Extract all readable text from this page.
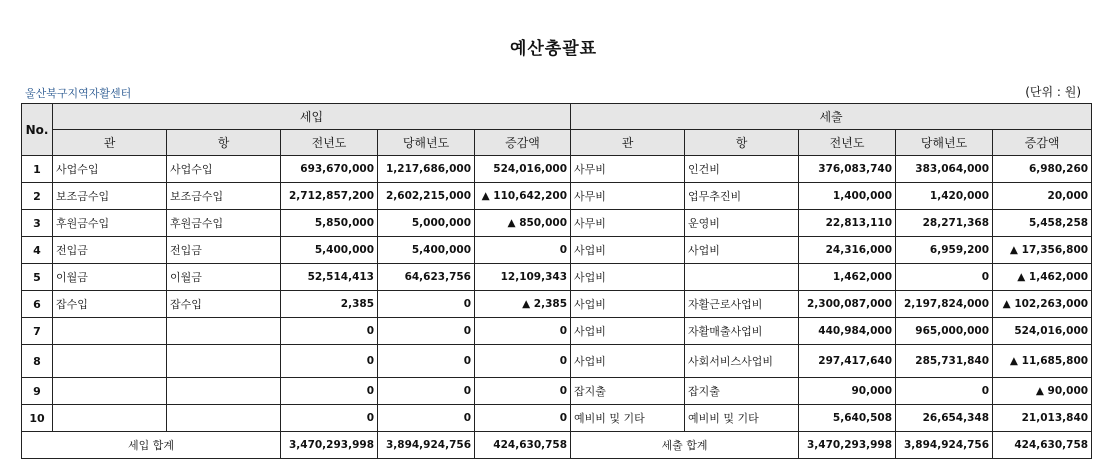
예산총괄표
울산북구지역자활센터	(단위 : 원)
No.	세입					세출				
	관	항	전년도	당해년도	증감액	관	항	전년도	당해년도	증감액
1	사업수입	사업수입	693,670,000	1,217,686,000	524,016,000	사무비	인건비	376,083,740	383,064,000	6,980,260
2	보조금수입	보조금수입	2,712,857,200	2,602,215,000	▲ 110,642,200	사무비	업무추진비	1,400,000	1,420,000	20,000
3	후원금수입	후원금수입	5,850,000	5,000,000	▲ 850,000	사무비	운영비	22,813,110	28,271,368	5,458,258
4	전입금	전입금	5,400,000	5,400,000	0	사업비	사업비	24,316,000	6,959,200	▲ 17,356,800
5	이월금	이월금	52,514,413	64,623,756	12,109,343	사업비		1,462,000	0	▲ 1,462,000
6	잡수입	잡수입	2,385	0	▲ 2,385	사업비	자활근로사업비	2,300,087,000	2,197,824,000	▲ 102,263,000
7			0	0	0	사업비	자활매출사업비	440,984,000	965,000,000	524,016,000
8			0	0	0	사업비	사회서비스사업비	297,417,640	285,731,840	▲ 11,685,800
9			0	0	0	잡지출	잡지출	90,000	0	▲ 90,000
10			0	0	0	예비비 및 기타	예비비 및 기타	5,640,508	26,654,348	21,013,840
세입 합계			3,470,293,998	3,894,924,756	424,630,758	세출 합계		3,470,293,998	3,894,924,756	424,630,758
